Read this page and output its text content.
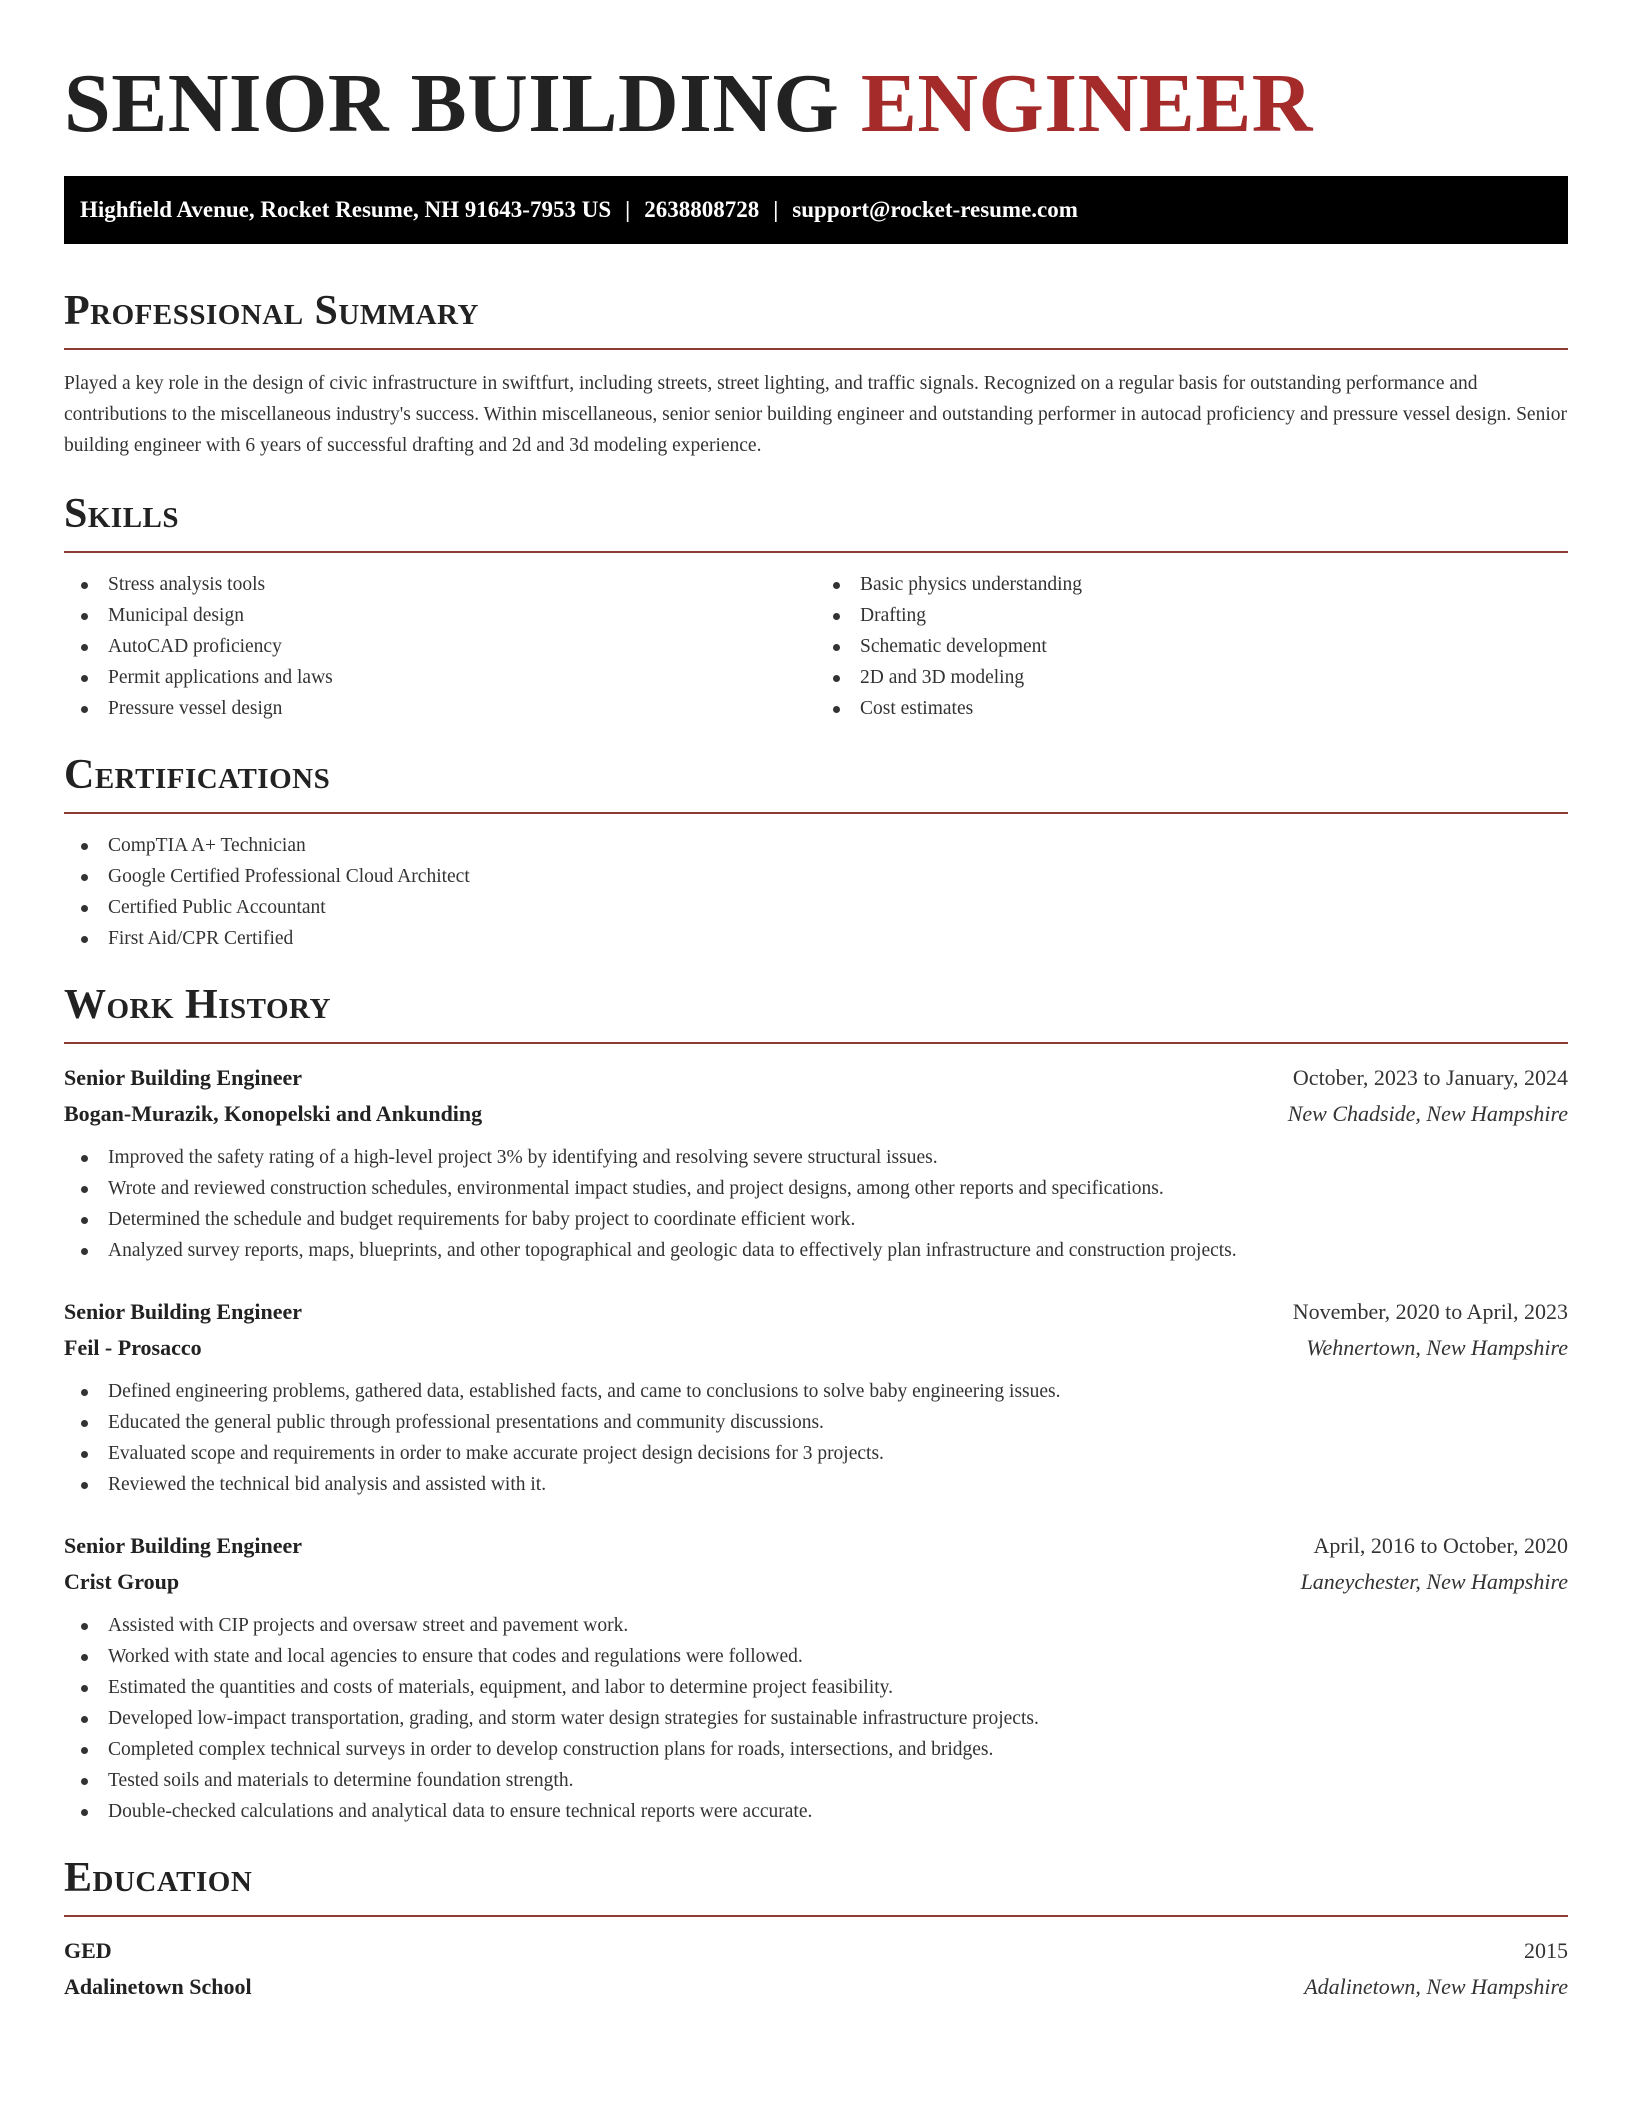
SENIOR BUILDING ENGINEER
Highfield Avenue, Rocket Resume, NH 91643-7953 US | 2638808728 | support@rocket-resume.com
Professional Summary

Played a key role in the design of civic infrastructure in swiftfurt, including streets, street lighting, and traffic signals. Recognized on a regular basis for outstanding performance and contributions to the miscellaneous industry's success. Within miscellaneous, senior senior building engineer and outstanding performer in autocad proficiency and pressure vessel design. Senior building engineer with 6 years of successful drafting and 2d and 3d modeling experience.

Skills
Stress analysis tools
Municipal design
AutoCAD proficiency
Permit applications and laws
Pressure vessel design
Basic physics understanding
Drafting
Schematic development
2D and 3D modeling
Cost estimates
Certifications
CompTIA A+ Technician
Google Certified Professional Cloud Architect
Certified Public Accountant
First Aid/CPR Certified
Work History
Senior Building Engineer	October, 2023 to January, 2024
Bogan-Murazik, Konopelski and Ankunding	New Chadside, New Hampshire
Improved the safety rating of a high-level project 3% by identifying and resolving severe structural issues.
Wrote and reviewed construction schedules, environmental impact studies, and project designs, among other reports and specifications.
Determined the schedule and budget requirements for baby project to coordinate efficient work.
Analyzed survey reports, maps, blueprints, and other topographical and geologic data to effectively plan infrastructure and construction projects.
Senior Building Engineer	November, 2020 to April, 2023
Feil - Prosacco	Wehnertown, New Hampshire
Defined engineering problems, gathered data, established facts, and came to conclusions to solve baby engineering issues.
Educated the general public through professional presentations and community discussions.
Evaluated scope and requirements in order to make accurate project design decisions for 3 projects.
Reviewed the technical bid analysis and assisted with it.
Senior Building Engineer	April, 2016 to October, 2020
Crist Group	Laneychester, New Hampshire
Assisted with CIP projects and oversaw street and pavement work.
Worked with state and local agencies to ensure that codes and regulations were followed.
Estimated the quantities and costs of materials, equipment, and labor to determine project feasibility.
Developed low-impact transportation, grading, and storm water design strategies for sustainable infrastructure projects.
Completed complex technical surveys in order to develop construction plans for roads, intersections, and bridges.
Tested soils and materials to determine foundation strength.
Double-checked calculations and analytical data to ensure technical reports were accurate.
Education
GED	2015
Adalinetown School	Adalinetown, New Hampshire
